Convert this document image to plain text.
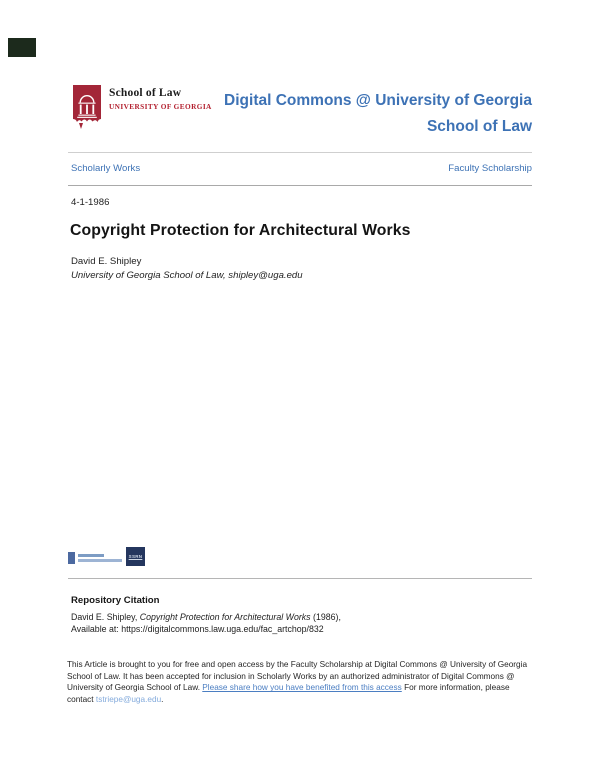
School of Law
UNIVERSITY OF GEORGIA Digital Commons @ University of Georgia
School of Law
Scholarly Works	Faculty Scholarship
4-1-1986
Copyright Protection for Architectural Works
David E. Shipley
University of Georgia School of Law, shipley@uga.edu
SSRN
Repository Citation
David E. Shipley, Copyright Protection for Architectural Works (1986),
Available at: https://digitalcommons.law.uga.edu/fac_artchop/832
This Article is brought to you for free and open access by the Faculty Scholarship at Digital Commons @ University of Georgia School of Law. It has been accepted for inclusion in Scholarly Works by an authorized administrator of Digital Commons @ University of Georgia School of Law. Please share how you have benefited from this access For more information, please contact tstriepe@uga.edu.
